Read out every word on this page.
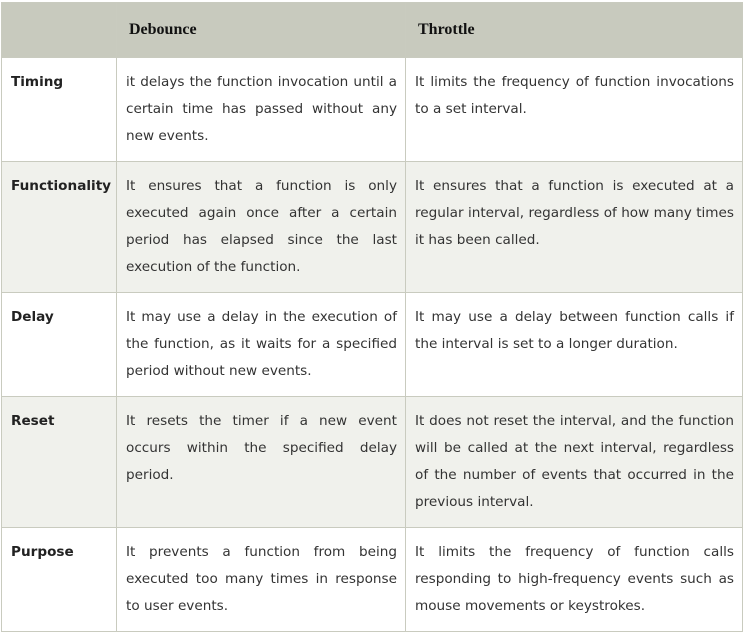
	Debounce	Throttle
Timing	it delays the function invocation until a certain time has passed without any new events.	It limits the frequency of function invocations to a set interval.
Functionality	It ensures that a function is only executed again once after a certain period has elapsed since the last execution of the function.	It ensures that a function is executed at a regular interval, regardless of how many times it has been called.
Delay	It may use a delay in the execution of the function, as it waits for a specified period without new events.	It may use a delay between function calls if the interval is set to a longer duration.
Reset	It resets the timer if a new event occurs within the specified delay period.	It does not reset the interval, and the function will be called at the next interval, regardless of the number of events that occurred in the previous interval.
Purpose	It prevents a function from being executed too many times in response to user events.	It limits the frequency of function calls responding to high-frequency events such as mouse movements or keystrokes.
